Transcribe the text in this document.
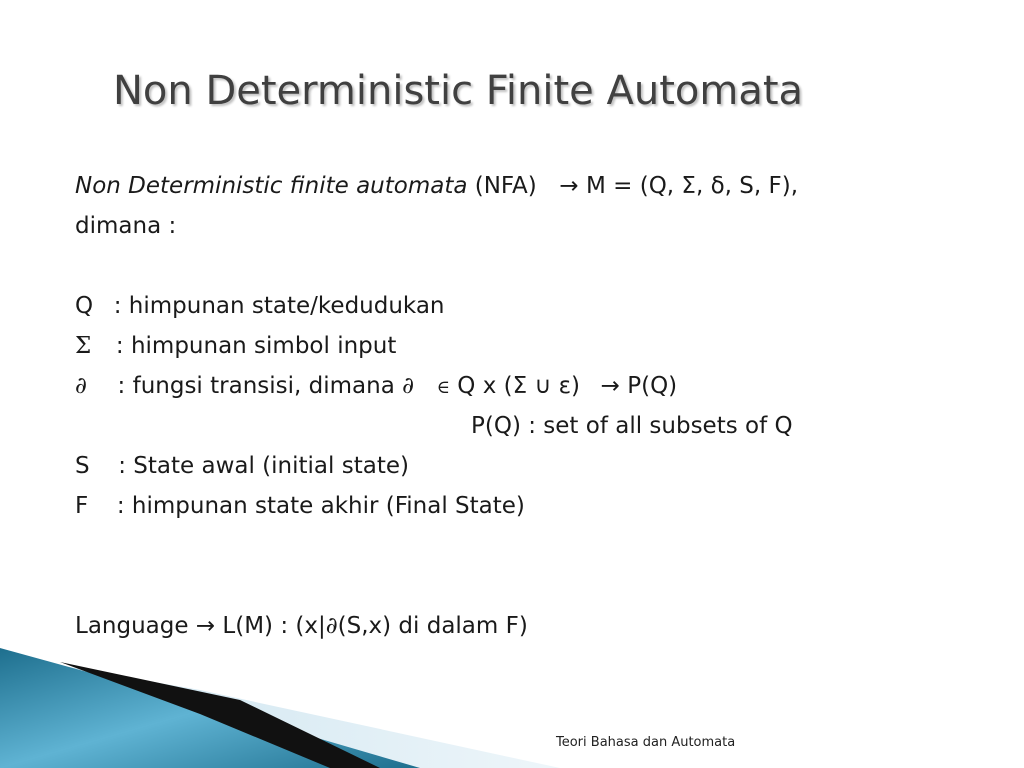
Non Deterministic Finite Automata
Non Deterministic finite automata (NFA) → M = (Q, Σ, δ, S, F),
dimana :
Q : himpunan state/kedudukan
Σ : himpunan simbol input
∂ : fungsi transisi, dimana ∂ ∈ Q x (Σ ∪ ε) → P(Q)
P(Q) : set of all subsets of Q
S : State awal (initial state)
F : himpunan state akhir (Final State)
Language → L(M) : (x|∂(S,x) di dalam F)
Teori Bahasa dan Automata
